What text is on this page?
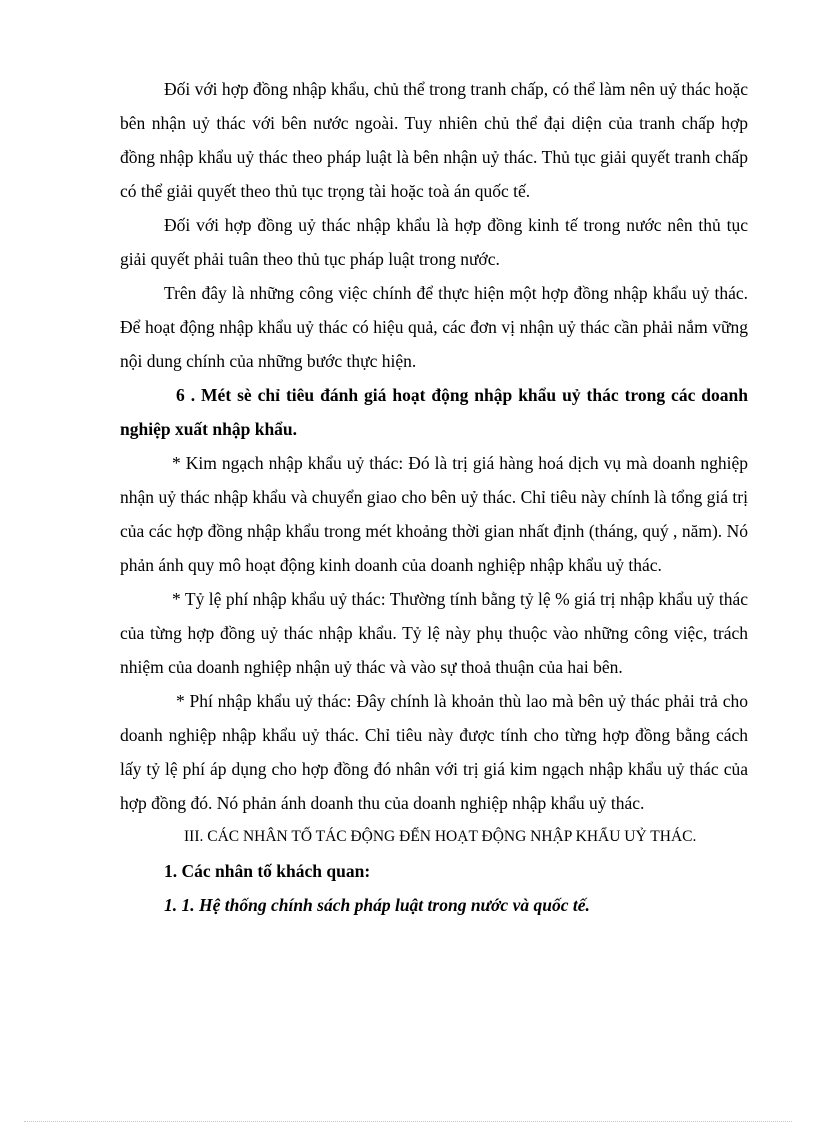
Đối với hợp đồng nhập khẩu, chủ thể trong tranh chấp, có thể làm nên uỷ thác hoặc bên nhận uỷ thác với bên nước ngoài. Tuy nhiên chủ thể đại diện của tranh chấp hợp đồng nhập khẩu uỷ thác theo pháp luật là bên nhận uỷ thác. Thủ tục giải quyết tranh chấp có thể giải quyết theo thủ tục trọng tài hoặc toà án quốc tế.

Đối với hợp đồng uỷ thác nhập khẩu là hợp đồng kinh tế trong nước nên thủ tục giải quyết phải tuân theo thủ tục pháp luật trong nước.

Trên đây là những công việc chính để thực hiện một hợp đồng nhập khẩu uỷ thác. Để hoạt động nhập khẩu uỷ thác có hiệu quả, các đơn vị nhận uỷ thác cần phải nắm vững nội dung chính của những bước thực hiện.

6 . Mét sè chỉ tiêu đánh giá hoạt động nhập khẩu uỷ thác trong các doanh nghiệp xuất nhập khẩu.

* Kim ngạch nhập khẩu uỷ thác: Đó là trị giá hàng hoá dịch vụ mà doanh nghiệp nhận uỷ thác nhập khẩu và chuyển giao cho bên uỷ thác. Chỉ tiêu này chính là tổng giá trị của các hợp đồng nhập khẩu trong mét khoảng thời gian nhất định (tháng, quý , năm). Nó phản ánh quy mô hoạt động kinh doanh của doanh nghiệp nhập khẩu uỷ thác.

* Tỷ lệ phí nhập khẩu uỷ thác: Thường tính bằng tỷ lệ % giá trị nhập khẩu uỷ thác của từng hợp đồng uỷ thác nhập khẩu. Tỷ lệ này phụ thuộc vào những công việc, trách nhiệm của doanh nghiệp nhận uỷ thác và vào sự thoả thuận của hai bên.

* Phí nhập khẩu uỷ thác: Đây chính là khoản thù lao mà bên uỷ thác phải trả cho doanh nghiệp nhập khẩu uỷ thác. Chỉ tiêu này được tính cho từng hợp đồng bằng cách lấy tỷ lệ phí áp dụng cho hợp đồng đó nhân với trị giá kim ngạch nhập khẩu uỷ thác của hợp đồng đó. Nó phản ánh doanh thu của doanh nghiệp nhập khẩu uỷ thác.

III. CÁC NHÂN TỐ TÁC ĐỘNG ĐẾN HOẠT ĐỘNG NHẬP KHẨU UỶ THÁC.

1. Các nhân tố khách quan:

1. 1. Hệ thống chính sách pháp luật trong nước và quốc tế.
